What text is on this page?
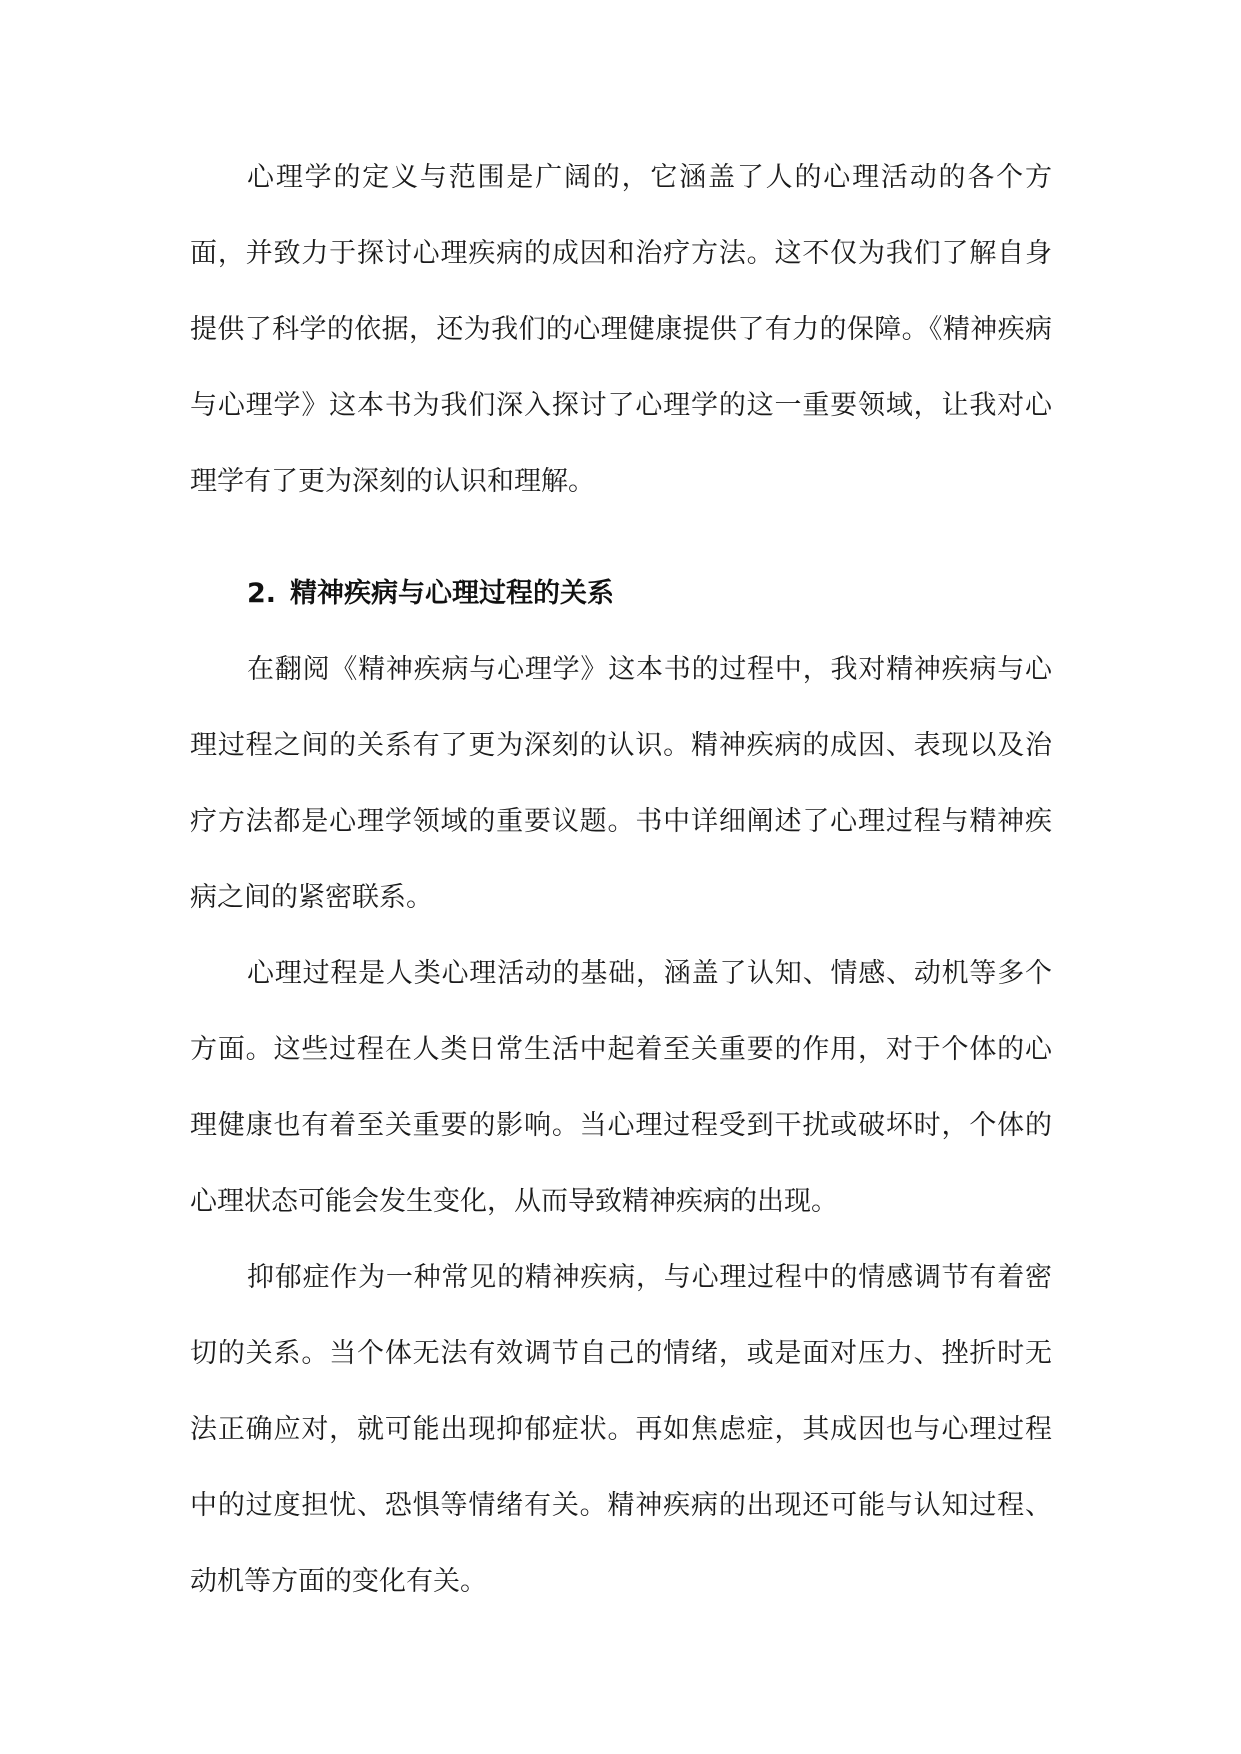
心理学的定义与范围是广阔的，它涵盖了人的心理活动的各个方面，并致力于探讨心理疾病的成因和治疗方法。这不仅为我们了解自身提供了科学的依据，还为我们的心理健康提供了有力的保障。《精神疾病与心理学》这本书为我们深入探讨了心理学的这一重要领域，让我对心理学有了更为深刻的认识和理解。

2. 精神疾病与心理过程的关系

在翻阅《精神疾病与心理学》这本书的过程中，我对精神疾病与心理过程之间的关系有了更为深刻的认识。精神疾病的成因、表现以及治疗方法都是心理学领域的重要议题。书中详细阐述了心理过程与精神疾病之间的紧密联系。

心理过程是人类心理活动的基础，涵盖了认知、情感、动机等多个方面。这些过程在人类日常生活中起着至关重要的作用，对于个体的心理健康也有着至关重要的影响。当心理过程受到干扰或破坏时，个体的心理状态可能会发生变化，从而导致精神疾病的出现。

抑郁症作为一种常见的精神疾病，与心理过程中的情感调节有着密切的关系。当个体无法有效调节自己的情绪，或是面对压力、挫折时无法正确应对，就可能出现抑郁症状。再如焦虑症，其成因也与心理过程中的过度担忧、恐惧等情绪有关。精神疾病的出现还可能与认知过程、动机等方面的变化有关。
